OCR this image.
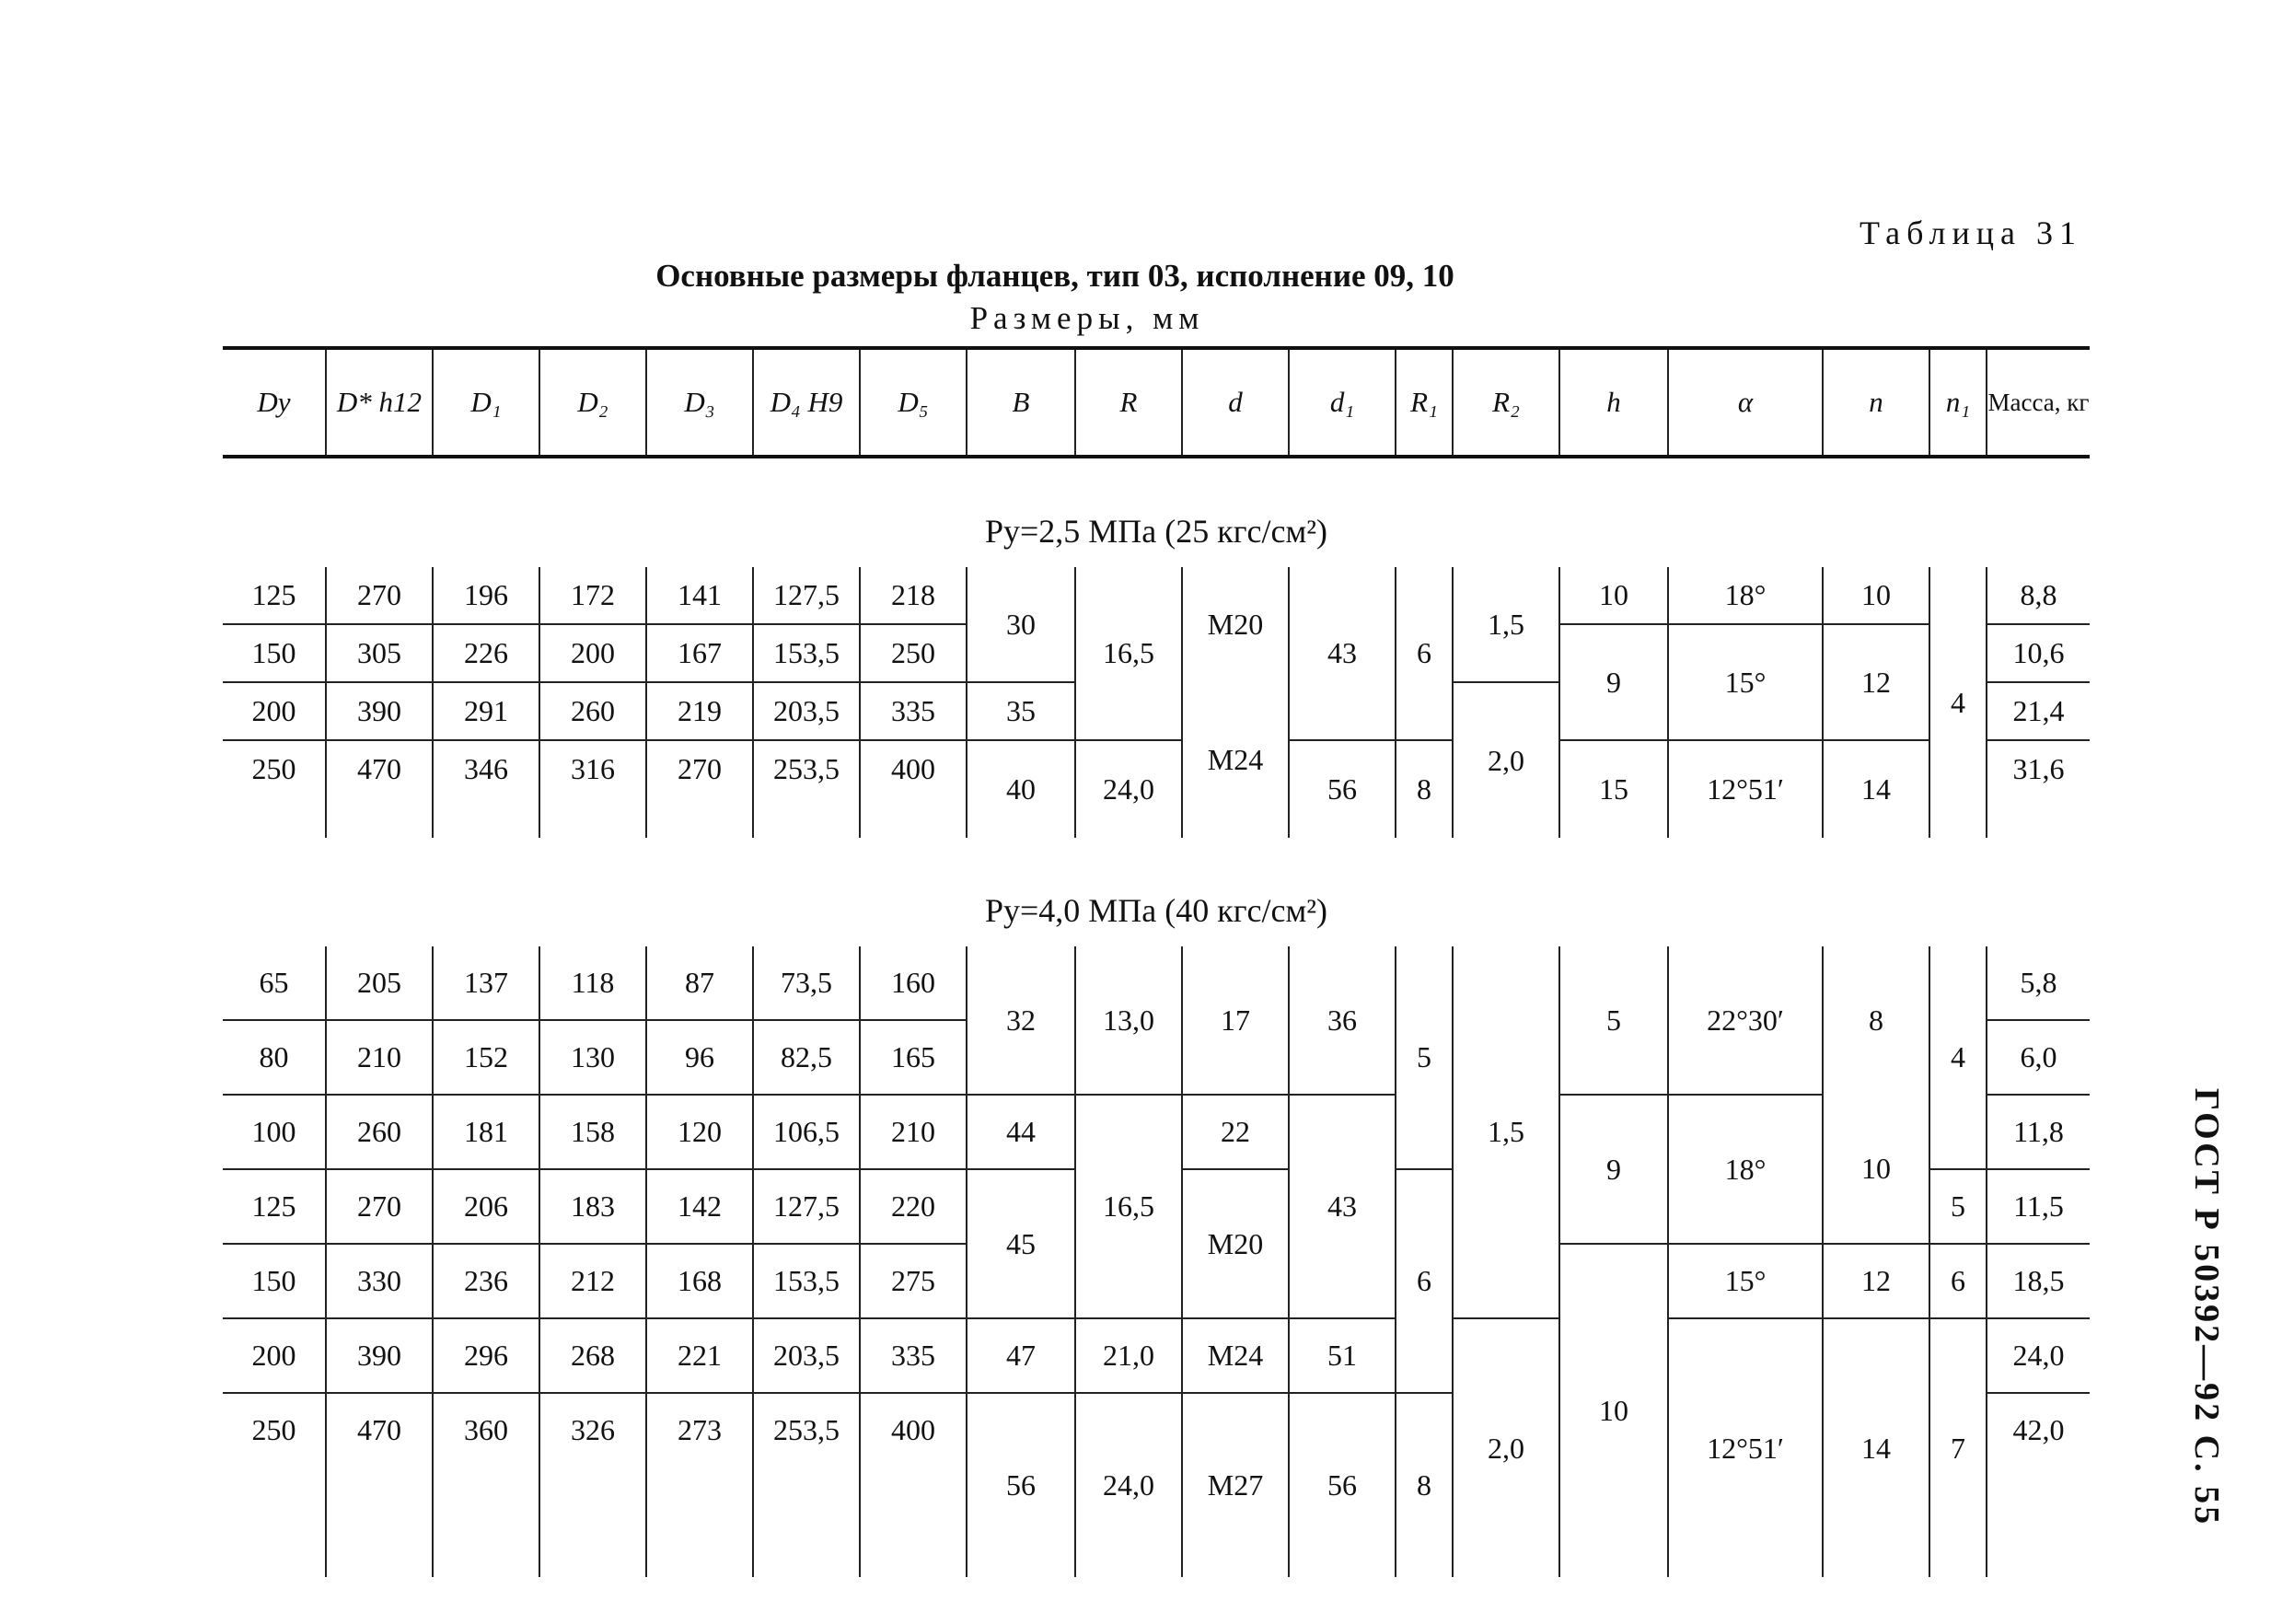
Таблица 31
Основные размеры фланцев, тип 03, исполнение 09, 10
Размеры, мм
ГОСТ Р 50392—92 С. 55
Dу	D* h12	D₁	D₂	D₃	D₄ H9	D₅	B	R	d	d₁	R₁	R₂	h	α	n	n₁	Масса, кг
Pу=2,5 МПа (25 кгс/см²)																	
125	270	196	172	141	127,5	218	30	16,5	M20	43	6	1,5	10	18°	10	4	8,8
150	305	226	200	167	153,5	250							9	15°	12		10,6
200	390	291	260	219	203,5	335	35		M24			2,0					21,4
250	470	346	316	270	253,5	400	40	24,0		56	8		15	12°51′	14		31,6

Pу=4,0 МПа (40 кгс/см²)																	

65	205	137	118	87	73,5	160	32	13,0	17	36	5	1,5	5	22°30′	8	4	5,8
80	210	152	130	96	82,5	165											6,0
100	260	181	158	120	106,5	210	44	16,5	22	43			9	18°	10		11,8
125	270	206	183	142	127,5	220	45		M20		6					5	11,5
150	330	236	212	168	153,5	275							10	15°	12	6	18,5
200	390	296	268	221	203,5	335	47	21,0	M24	51		2,0		12°51′	14	7	24,0
250	470	360	326	273	253,5	400	56	24,0	M27	56	8						42,0
